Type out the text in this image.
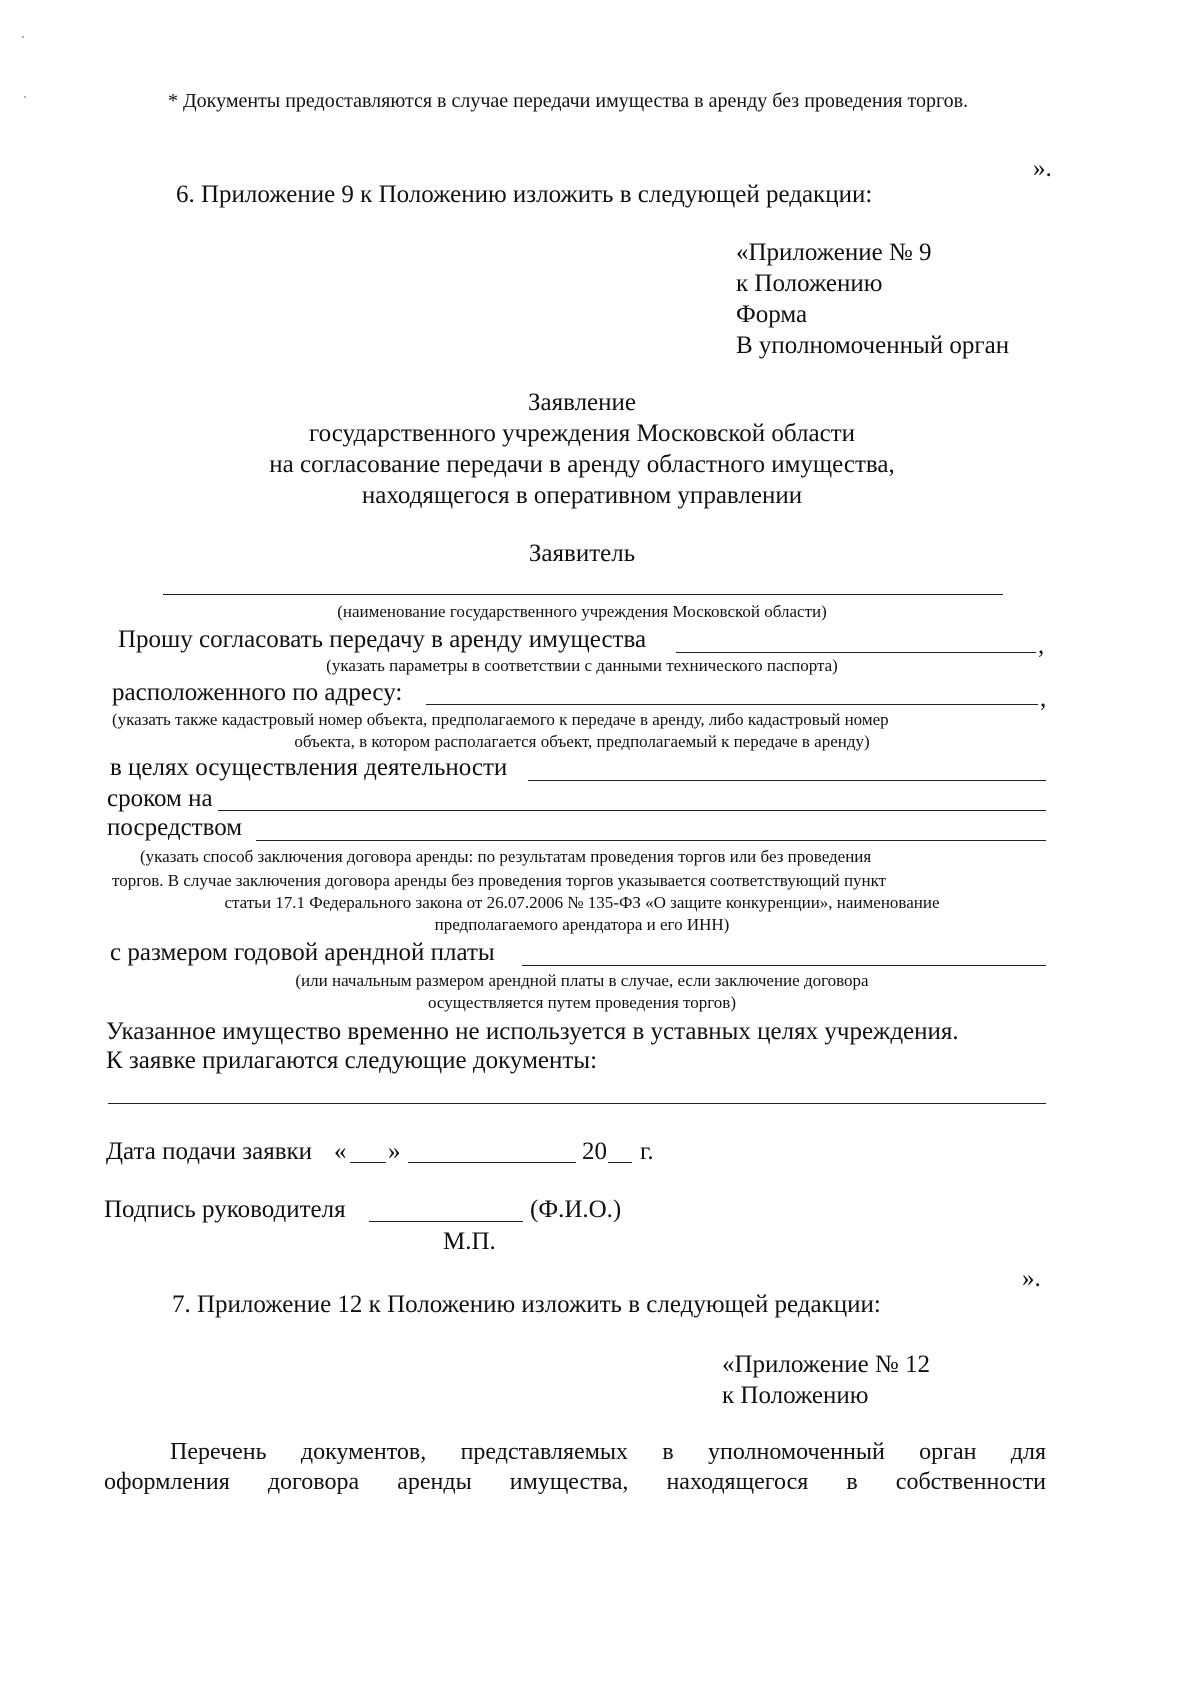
* Документы предоставляются в случае передачи имущества в аренду без проведения торгов.
».
6. Приложение 9 к Положению изложить в следующей редакции:
«Приложение № 9
к Положению
Форма
В уполномоченный орган
Заявление
государственного учреждения Московской области
на согласование передачи в аренду областного имущества,
находящегося в оперативном управлении
Заявитель
(наименование государственного учреждения Московской области)
Прошу согласовать передачу в аренду имущества	,
(указать параметры в соответствии с данными технического паспорта)
расположенного по адресу:	,
(указать также кадастровый номер объекта, предполагаемого к передаче в аренду, либо кадастровый номер
объекта, в котором располагается объект, предполагаемый к передаче в аренду)
в целях осуществления деятельности
сроком на
посредством
(указать способ заключения договора аренды: по результатам проведения торгов или без проведения
торгов. В случае заключения договора аренды без проведения торгов указывается соответствующий пункт
статьи 17.1 Федерального закона от 26.07.2006 № 135-ФЗ «О защите конкуренции», наименование
предполагаемого арендатора и его ИНН)
с размером годовой арендной платы
(или начальным размером арендной платы в случае, если заключение договора
осуществляется путем проведения торгов)
Указанное имущество временно не используется в уставных целях учреждения.
К заявке прилагаются следующие документы:
Дата подачи заявки « »	20 г.
Подпись руководителя	(Ф.И.О.)
М.П.
».
7. Приложение 12 к Положению изложить в следующей редакции:
«Приложение № 12
к Положению
Перечень документов, представляемых в уполномоченный орган для
оформления договора аренды имущества, находящегося в собственности
